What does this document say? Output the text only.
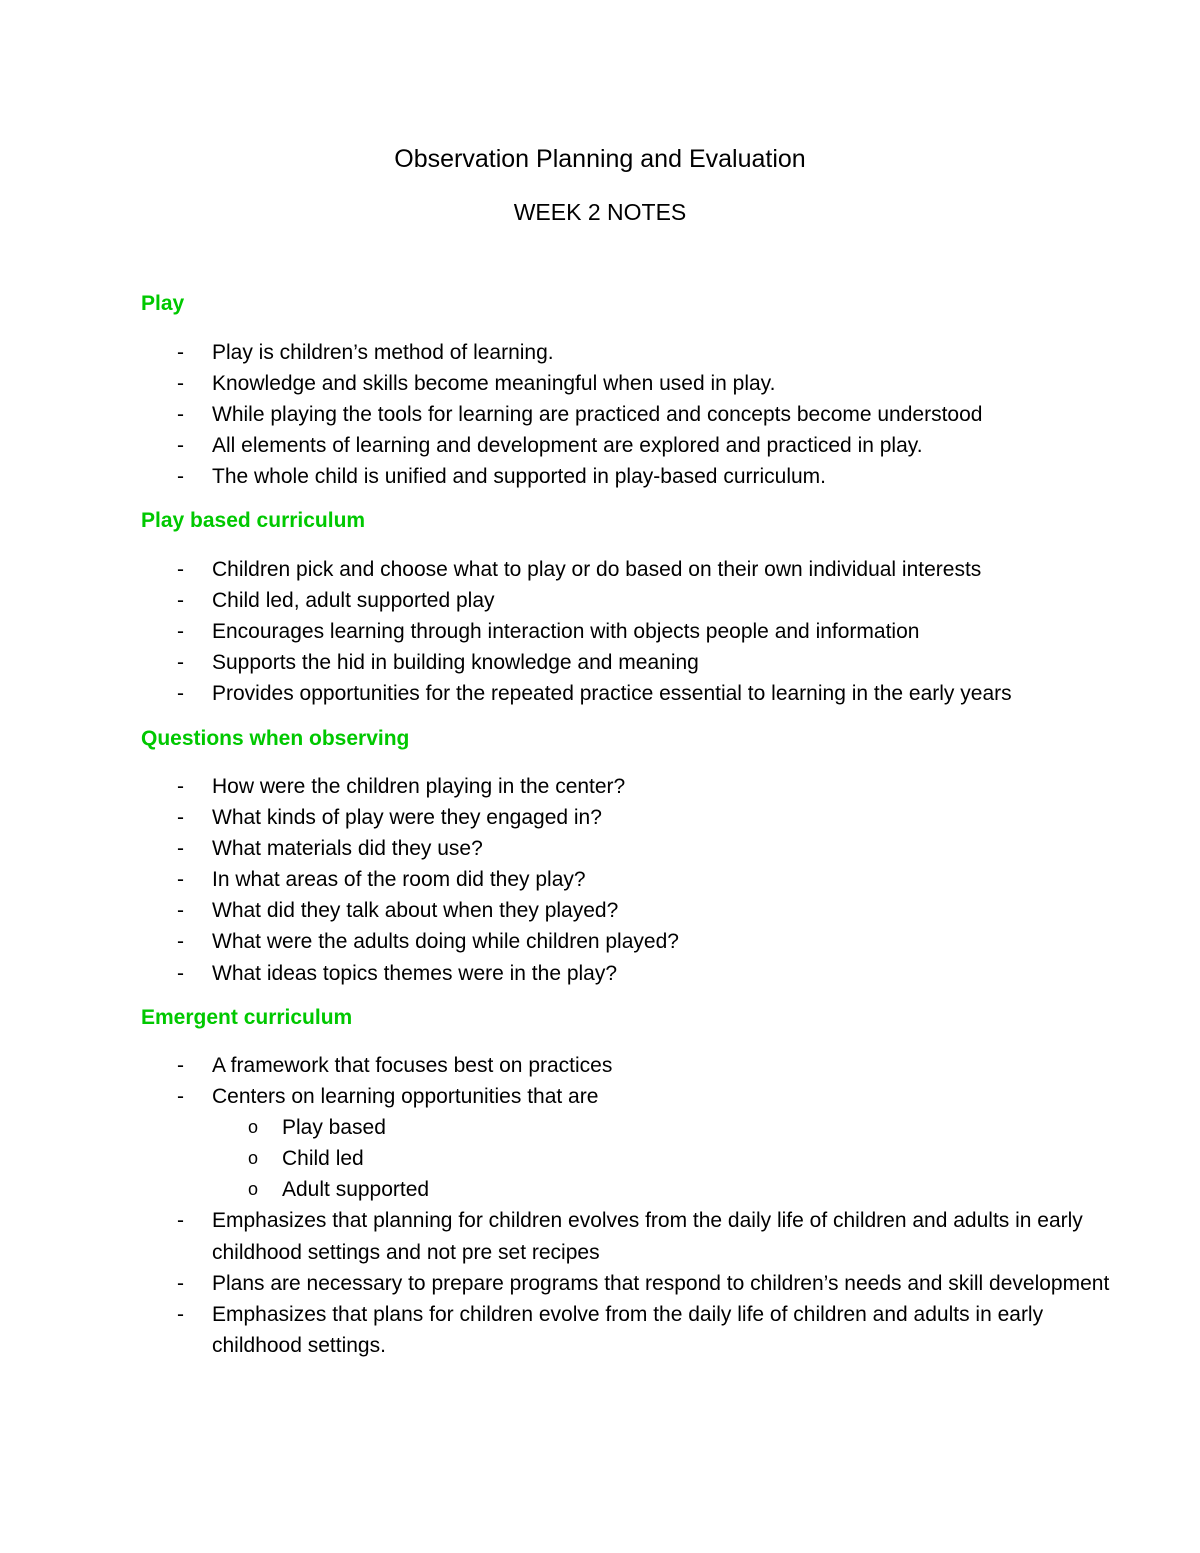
Observation Planning and Evaluation
WEEK 2 NOTES
Play
- Play is children’s method of learning.
- Knowledge and skills become meaningful when used in play.
- While playing the tools for learning are practiced and concepts become understood
- All elements of learning and development are explored and practiced in play.
- The whole child is unified and supported in play-based curriculum.
Play based curriculum
- Children pick and choose what to play or do based on their own individual interests
- Child led, adult supported play
- Encourages learning through interaction with objects people and information
- Supports the hid in building knowledge and meaning
- Provides opportunities for the repeated practice essential to learning in the early years
Questions when observing
- How were the children playing in the center?
- What kinds of play were they engaged in?
- What materials did they use?
- In what areas of the room did they play?
- What did they talk about when they played?
- What were the adults doing while children played?
- What ideas topics themes were in the play?
Emergent curriculum
- A framework that focuses best on practices
- Centers on learning opportunities that are
o Play based
o Child led
o Adult supported
- Emphasizes that planning for children evolves from the daily life of children and adults in early childhood settings and not pre set recipes
- Plans are necessary to prepare programs that respond to children’s needs and skill development
- Emphasizes that plans for children evolve from the daily life of children and adults in early childhood settings.
